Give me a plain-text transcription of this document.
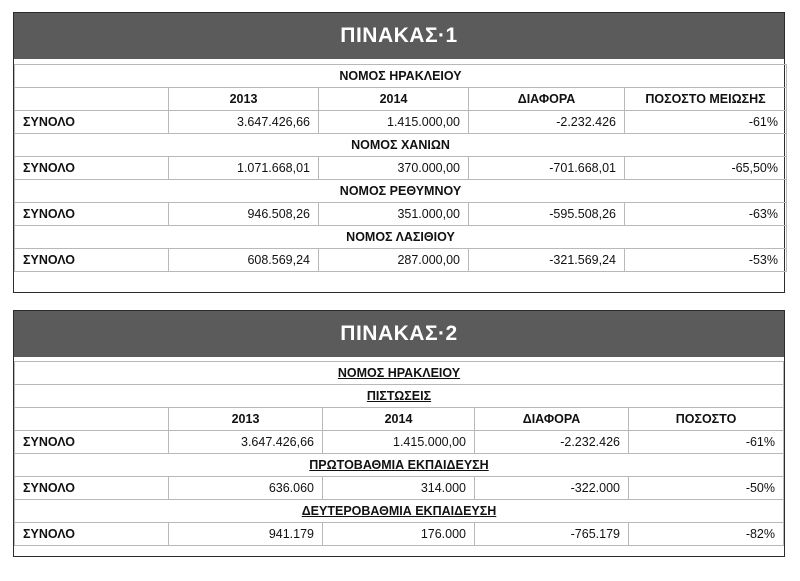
ΠΙΝΑΚΑΣ·1
ΝΟΜΟΣ ΗΡΑΚΛΕΙΟΥ				
	2013	2014	ΔΙΑΦΟΡΑ	ΠΟΣΟΣΤΟ ΜΕΙΩΣΗΣ
ΣΥΝΟΛΟ	3.647.426,66	1.415.000,00	-2.232.426	-61%
ΝΟΜΟΣ ΧΑΝΙΩΝ				
ΣΥΝΟΛΟ	1.071.668,01	370.000,00	-701.668,01	-65,50%
ΝΟΜΟΣ ΡΕΘΥΜΝΟΥ				
ΣΥΝΟΛΟ	946.508,26	351.000,00	-595.508,26	-63%
ΝΟΜΟΣ ΛΑΣΙΘΙΟΥ				
ΣΥΝΟΛΟ	608.569,24	287.000,00	-321.569,24	-53%
ΠΙΝΑΚΑΣ·2
ΝΟΜΟΣ ΗΡΑΚΛΕΙΟΥ				
ΠΙΣΤΩΣΕΙΣ				
	2013	2014	ΔΙΑΦΟΡΑ	ΠΟΣΟΣΤΟ
ΣΥΝΟΛΟ	3.647.426,66	1.415.000,00	-2.232.426	-61%
ΠΡΩΤΟΒΑΘΜΙΑ ΕΚΠΑΙΔΕΥΣΗ				
ΣΥΝΟΛΟ	636.060	314.000	-322.000	-50%
ΔΕΥΤΕΡΟΒΑΘΜΙΑ ΕΚΠΑΙΔΕΥΣΗ				
ΣΥΝΟΛΟ	941.179	176.000	-765.179	-82%
